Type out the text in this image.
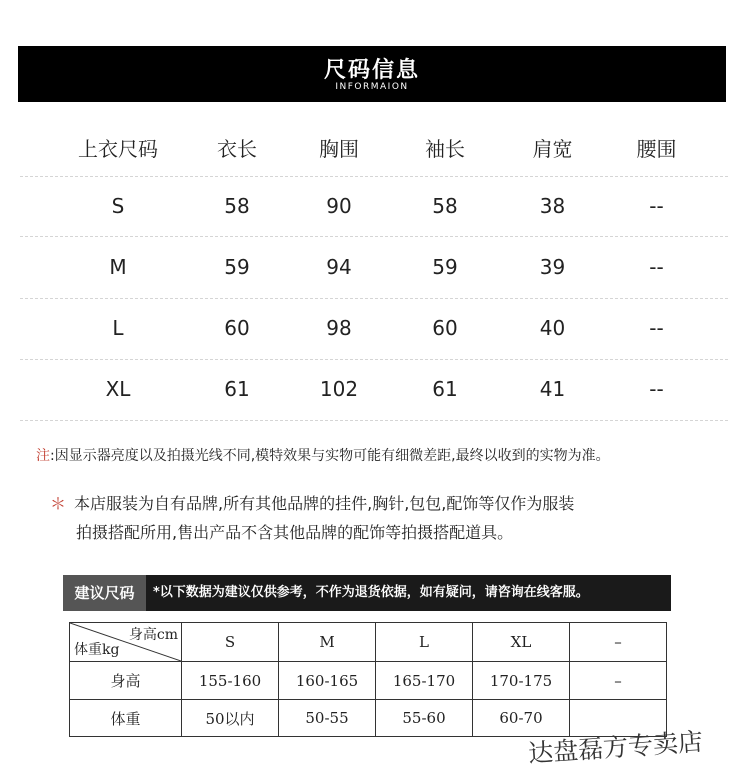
尺码信息
INFORMAION
上衣尺码	衣长	胸围	袖长	肩宽	腰围
S	58	90	58	38	--
M	59	94	59	39	--
L	60	98	60	40	--
XL	61	102	61	41	--
注:因显示器亮度以及拍摄光线不同,模特效果与实物可能有细微差距,最终以收到的实物为准。
＊ 本店服装为自有品牌,所有其他品牌的挂件,胸针,包包,配饰等仅作为服装
拍摄搭配所用,售出产品不含其他品牌的配饰等拍摄搭配道具。
建议尺码	*以下数据为建议仅供参考，不作为退货依据，如有疑问，请咨询在线客服。
身高cm
体重kg	S	M	L	XL	–
身高	155-160	160-165	165-170	170-175	–
体重	50以内	50-55	55-60	60-70	
达盘磊方专卖店
